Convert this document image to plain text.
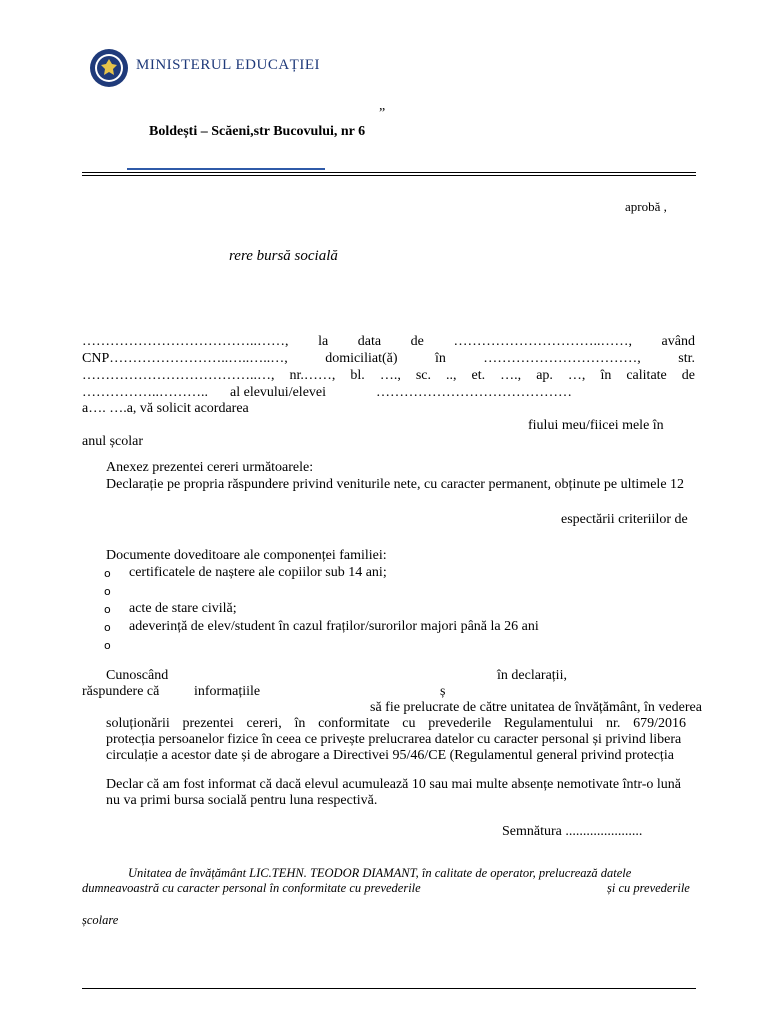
MINISTERUL EDUCAȚIEI
”
Boldești – Scăeni,str Bucovului, nr 6
aprobă ,
rere bursă socială
………………………………..……, la data de …………………………..……, având
CNP……………………..…..…..…,	domiciliat(ă)	în	……………………………,	str.
………………………………..…, nr.……, bl. …., sc. .., et. …., ap. …, în calitate de
……………..……….. al elevului/elevei	……………………………………
a…. ….a, vă solicit acordarea
fiului meu/fiicei mele în
anul școlar
Anexez prezentei cereri următoarele:
Declarație pe propria răspundere privind veniturile nete, cu caracter permanent, obținute pe ultimele 12
espectării criteriilor de
Documente doveditoare ale componenței familiei:
o certificatele de naștere ale copiilor sub 14 ani;
o
o acte de stare civilă;
o adeverință de elev/student în cazul fraților/surorilor majori până la 26 ani
o
Cunoscând	în declarații,
răspundere că informațiile	ș
să fie prelucrate de către unitatea de învățământ, în vederea
soluționării prezentei cereri, în conformitate cu prevederile Regulamentului nr. 679/2016
protecția persoanelor fizice în ceea ce privește prelucrarea datelor cu caracter personal și privind libera
circulație a acestor date și de abrogare a Directivei 95/46/CE (Regulamentul general privind protecția
Declar că am fost informat că dacă elevul acumulează 10 sau mai multe absențe nemotivate într-o lună
nu va primi bursa socială pentru luna respectivă.
Semnătura ......................
Unitatea de învățământ LIC.TEHN. TEODOR DIAMANT, în calitate de operator, prelucrează datele
dumneavoastră cu caracter personal în conformitate cu prevederile	și cu prevederile
școlare
